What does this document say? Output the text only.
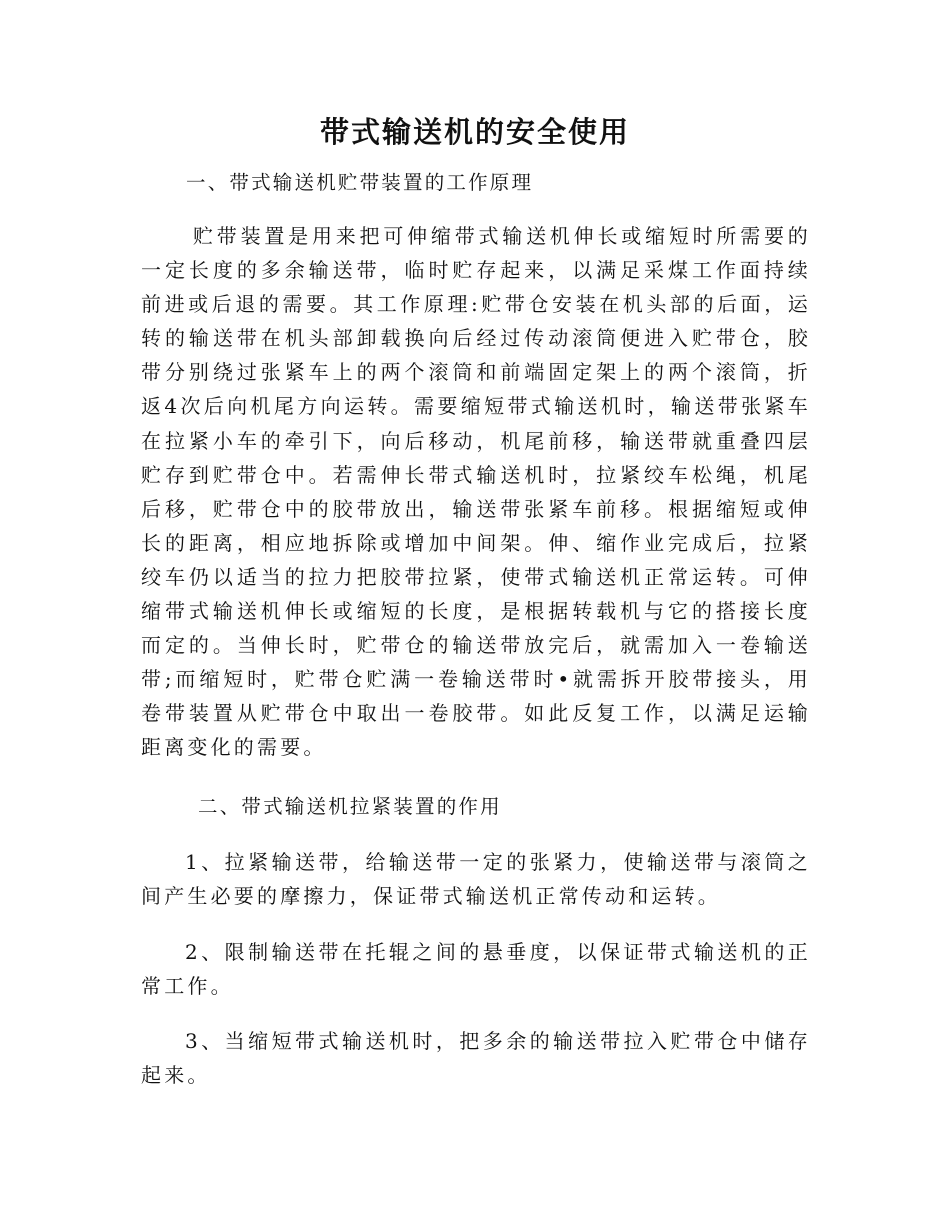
带式输送机的安全使用

一、带式输送机贮带装置的工作原理

贮带装置是用来把可伸缩带式输送机伸长或缩短时所需要的一定长度的多余输送带，临时贮存起来，以满足采煤工作面持续前进或后退的需要。其工作原理:贮带仓安装在机头部的后面，运转的输送带在机头部卸载换向后经过传动滚筒便进入贮带仓，胶带分别绕过张紧车上的两个滚筒和前端固定架上的两个滚筒，折返4次后向机尾方向运转。需要缩短带式输送机时，输送带张紧车在拉紧小车的牵引下，向后移动，机尾前移，输送带就重叠四层贮存到贮带仓中。若需伸长带式输送机时，拉紧绞车松绳，机尾后移，贮带仓中的胶带放出，输送带张紧车前移。根据缩短或伸长的距离，相应地拆除或增加中间架。伸、缩作业完成后，拉紧绞车仍以适当的拉力把胶带拉紧，使带式输送机正常运转。可伸缩带式输送机伸长或缩短的长度，是根据转载机与它的搭接长度而定的。当伸长时，贮带仓的输送带放完后，就需加入一卷输送带;而缩短时，贮带仓贮满一卷输送带时•就需拆开胶带接头，用卷带装置从贮带仓中取出一卷胶带。如此反复工作，以满足运输距离变化的需要。

二、带式输送机拉紧装置的作用

1、拉紧输送带，给输送带一定的张紧力，使输送带与滚筒之间产生必要的摩擦力，保证带式输送机正常传动和运转。

2、限制输送带在托辊之间的悬垂度，以保证带式输送机的正常工作。

3、当缩短带式输送机时，把多余的输送带拉入贮带仓中储存起来。
